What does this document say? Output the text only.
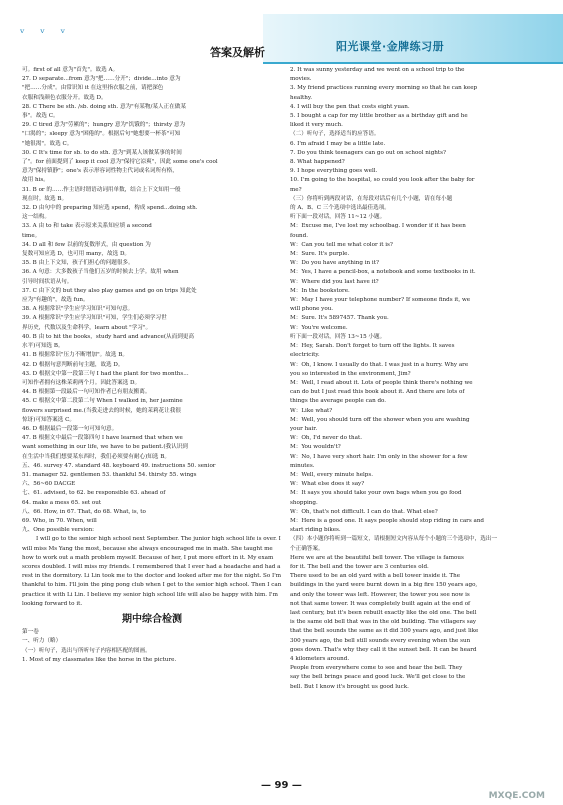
ᵥ ᵥ ᵥ
答案及解析	阳光课堂·金牌练习册
可。first of all 意为"首先"。故选 A。
27. D separate...from 意为"把……分开"；divide...into 意为
"把……分成"。由常识知 it 在这里指衣服之前，请把深色
衣服和浅颜色衣服分开。故选 D。
28. C There be sth. /sb. doing sth. 意为"有某物/某人正在做某
事"。故选 C。
29. C tired 意为"劳累的"；hungry 意为"饥饿的"；thirsty 意为
"口渴的"；sleepy 意为"困倦的"。根据后句"她想要一杯茶"可知
"她很渴"。故选 C。
30. C It's time for sb. to do sth. 意为"到某人该做某事的时间
了"。for 前面提到了 keep it cool 意为"保持它凉爽"，因此 some one's cool
意为"保持镇静"；one's 表示形容词性物主代词或名词所有格，
故用 his。
31. B or 的……作主语时谓语动词用单数，结合上下文知用一般
现在时。故选 B。
32. D 由句中的 preparing 知应选 spend，构成 spend...doing sth.
这一结构。
33. A 由 to 和 take 表示原来关系知应填 a second
time。
34. D all 和 few 以前的复数形式，由 question 为
复数可知应选 D，也可用 many，故选 D。
35. B 由上下文知，孩子们担心的问题很多。
36. A 句意：大多数孩子当他们五岁的时候去上学。故用 when
引导时间状语从句。
37. C 由下文的 but they also play games and go on trips 知此处
应为"有趣的"，故选 fun。
38. A 根据常识"学生应学习知识"可知句意。
39. A 根据常识"学生应学习知识"可知，学生们必须学习世
界历史，代数以及生命科学，learn about "学习"。
40. B 由 to hit the books，study hard and advance(从而到更高
水平)可知选 B。
41. B 根据常识"压力不断增加"。故选 B。
42. D 根据句意判断前句主题，故选 D。
43. D 根据文中第一段第三句 I had the plant for two months...
可知作者拥有这株茉莉两个月。因此答案选 D。
44. B 根据第一段最后一句可知作者已有朋友搬离。
45. C 根据文中第二段第二句 When I walked in, her jasmine
flowers surprised me.(当我走进去的时候，她的茉莉花让我很
惊讶)可知答案选 C。
46. D 根据最后一段第一句可知句意。
47. B 根据文中最后一段第四句 I have learned that when we
want something in our life, we have to be patient.(我认识到
在生活中当我们想要某东西时，我们必须要有耐心)知选 B。
五、46. survey 47. standard 48. keyboard 49. instructions 50. senior
51. manager 52. gentlemen 53. thankful 54. thirsty 55. wings
六、56~60 DACGE
七、61. advised, to 62. be responsible 63. ahead of
64. make a mess 65. set out
八、66. How, in 67. That, do 68. What, is, to
69. Who, in 70. When, will
九、One possible version:
I will go to the senior high school next September. The junior high school life is over. I will miss Ms Yang the most, because she always encouraged me in math. She taught me how to work out a math problem myself. Because of her, I put more effort in it. My exam scores doubled. I will miss my friends. I remembered that I ever had a headache and had a rest in the dormitory. Li Lin took me to the doctor and looked after me for the night. So I'm thankful to him. I'll join the ping pong club when I get to the senior high school. Then I can practice it with Li Lin. I believe my senior high school life will also be happy with him. I'm looking forward to it.
期中综合检测
第一卷
一、听力（略）
（一）听句子，选出与所听句子内容相匹配的图画。
1. Most of my classmates like the horse in the picture.
2. It was sunny yesterday and we went on a school trip to the
movies.
3. My friend practices running every morning so that he can keep
healthy.
4. I will buy the pen that costs eight yuan.
5. I bought a cap for my little brother as a birthday gift and he
liked it very much.
（二）听句子，选择适当的应答语。
6. I'm afraid I may be a little late.
7. Do you think teenagers can go out on school nights?
8. What happened?
9. I hope everything goes well.
10. I'm going to the hospital, so could you look after the baby for
me?
（三）你将听到两段对话，在每段对话后有几个小题，请在每小题
的 A、B、C 三个选项中选出最佳选项。
听下面一段对话，回答 11~12 小题。
M：Excuse me, I've lost my schoolbag. I wonder if it has been
found.
W：Can you tell me what color it is?
M：Sure. It's purple.
W：Do you have anything in it?
M：Yes, I have a pencil-box, a notebook and some textbooks in it.
W：Where did you last have it?
M：In the bookstore.
W：May I have your telephone number? If someone finds it, we
will phone you.
M：Sure. It's 5897457. Thank you.
W：You're welcome.
听下面一段对话，回答 13~15 小题。
M：Hey, Sarah. Don't forget to turn off the lights. It saves
electricity.
W：Oh, I know. I usually do that. I was just in a hurry. Why are
you so interested in the environment, Jim?
M：Well, I read about it. Lots of people think there's nothing we
can do but I just read this book about it. And there are lots of
things the average people can do.
W：Like what?
M：Well, you should turn off the shower when you are washing
your hair.
W：Oh, I'd never do that.
M：You wouldn't?
W：No, I have very short hair. I'm only in the shower for a few
minutes.
M：Well, every minute helps.
W：What else does it say?
M：It says you should take your own bags when you go food
shopping.
W：Oh, that's not difficult. I can do that. What else?
M：Here is a good one. It says people should stop riding in cars and
start riding bikes.
（四）本小题你将听到一篇短文，请根据短文内容从每个小题的三个选项中，选出一
个正确答案。
Here we are at the beautiful bell tower. The village is famous
for it. The bell and the tower are 3 centuries old.
There used to be an old yard with a bell tower inside it. The
buildings in the yard were burnt down in a big fire 150 years ago,
and only the tower was left. However, the tower you see now is
not that same tower. It was completely built again at the end of
last century, but it's been rebuilt exactly like the old one. The bell
is the same old bell that was in the old building. The villagers say
that the bell sounds the same as it did 300 years ago, and just like
300 years ago, the bell still sounds every evening when the sun
goes down. That's why they call it the sunset bell. It can be heard
4 kilometers around.
People from everywhere come to see and hear the bell. They
say the bell brings peace and good luck. We'll get close to the
bell. But I know it's brought us good luck.
— 99 —
MXQE.COM
